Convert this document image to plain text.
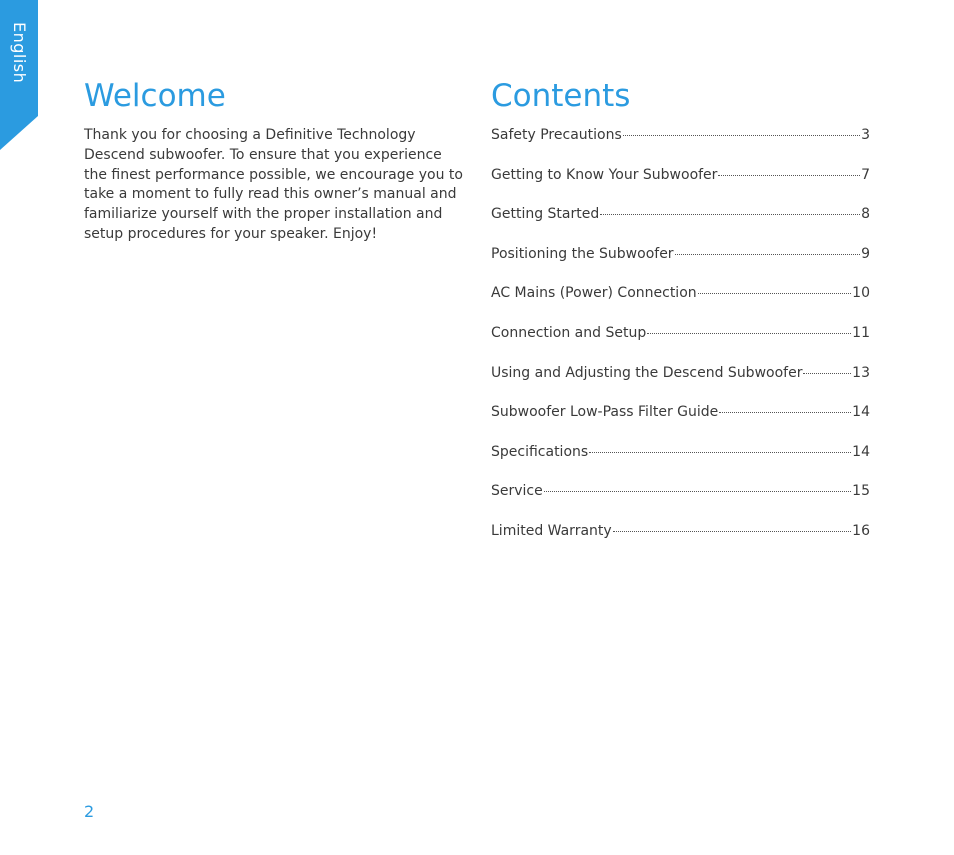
English
Welcome

Thank you for choosing a Definitive Technology Descend subwoofer. To ensure that you experience the finest performance possible, we encourage you to take a moment to fully read this owner’s manual and familiarize yourself with the proper installation and setup procedures for your speaker. Enjoy!

Contents
Safety Precautions	3
Getting to Know Your Subwoofer	7
Getting Started	8
Positioning the Subwoofer	9
AC Mains (Power) Connection	10
Connection and Setup	11
Using and Adjusting the Descend Subwoofer	13
Subwoofer Low-Pass Filter Guide	14
Specifications	14
Service	15
Limited Warranty	16
2
